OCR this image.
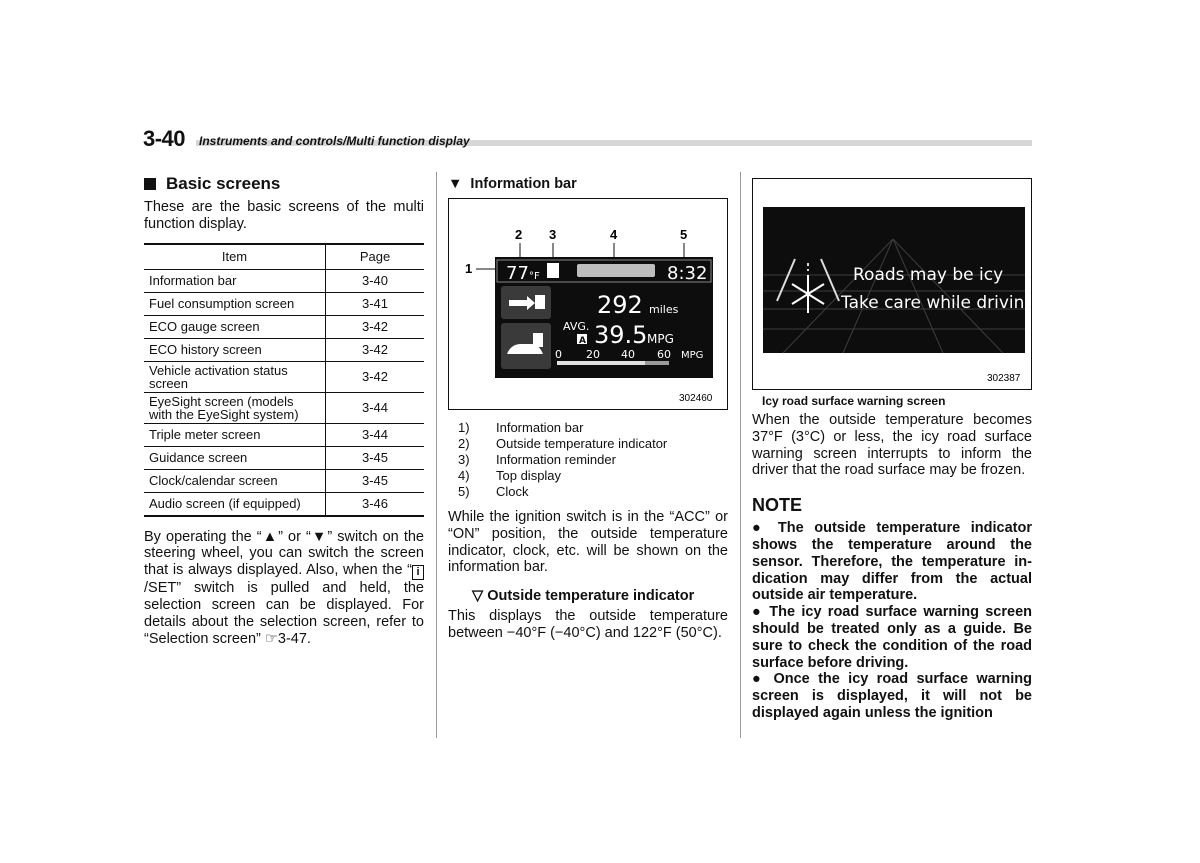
3-40 Instruments and controls/Multi function display
Basic screens
These are the basic screens of the multi function display.
Item	Page
Information bar	3-40
Fuel consumption screen	3-41
ECO gauge screen	3-42
ECO history screen	3-42
Vehicle activation status screen	3-42
EyeSight screen (models with the EyeSight system)	3-44
Triple meter screen	3-44
Guidance screen	3-45
Clock/calendar screen	3-45
Audio screen (if equipped)	3-46
By operating the “▲” or “▼” switch on the steering wheel, you can switch the screen that is always displayed. Also, when the “ i/SET” switch is pulled and held, the selection screen can be displayed. For details about the selection screen, refer to “Selection screen” ☞3-47.
▼ Information bar
1
2 3	4	5
77 °F	8:32
292 miles
AVG.
A 39.5 MPG
0 20 40 60 MPG
302460
1)	Information bar
2)	Outside temperature indicator
3)	Information reminder
4)	Top display
5)	Clock
While the ignition switch is in the “ACC” or “ON” position, the outside temperature indicator, clock, etc. will be shown on the information bar.
▽ Outside temperature indicator
This displays the outside temperature between −40°F (−40°C) and 122°F (50°C).
Roads may be icy
Take care while driving
302387
Icy road surface warning screen
When the outside temperature becomes 37°F (3°C) or less, the icy road surface warning screen interrupts to inform the driver that the road surface may be frozen.
NOTE

● The outside temperature indicator shows the temperature around the sensor. Therefore, the temperature in-dication may differ from the actual outside air temperature.

● The icy road surface warning screen should be treated only as a guide. Be sure to check the condition of the road surface before driving.

● Once the icy road surface warning screen is displayed, it will not be displayed again unless the ignition
